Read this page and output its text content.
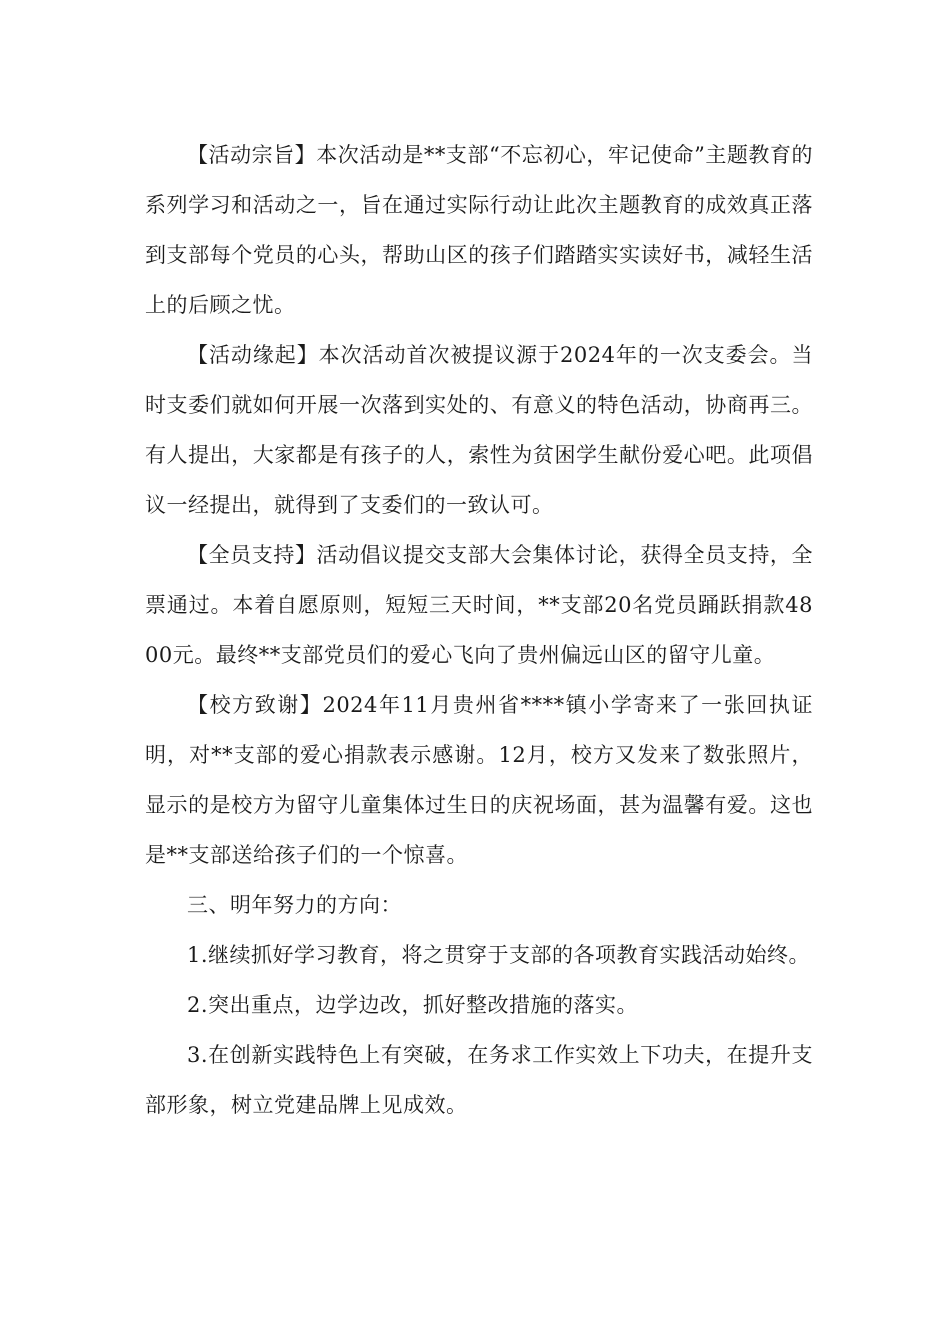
【活动宗旨】本次活动是**支部“不忘初心，牢记使命”主题教育的系列学习和活动之一，旨在通过实际行动让此次主题教育的成效真正落到支部每个党员的心头，帮助山区的孩子们踏踏实实读好书，减轻生活上的后顾之忧。

【活动缘起】本次活动首次被提议源于2024年的一次支委会。当时支委们就如何开展一次落到实处的、有意义的特色活动，协商再三。有人提出，大家都是有孩子的人，索性为贫困学生献份爱心吧。此项倡议一经提出，就得到了支委们的一致认可。

【全员支持】活动倡议提交支部大会集体讨论，获得全员支持，全票通过。本着自愿原则，短短三天时间，**支部20名党员踊跃捐款4800元。最终**支部党员们的爱心飞向了贵州偏远山区的留守儿童。

【校方致谢】2024年11月贵州省****镇小学寄来了一张回执证明，对**支部的爱心捐款表示感谢。12月，校方又发来了数张照片，显示的是校方为留守儿童集体过生日的庆祝场面，甚为温馨有爱。这也是**支部送给孩子们的一个惊喜。

三、明年努力的方向：

1.继续抓好学习教育，将之贯穿于支部的各项教育实践活动始终。

2.突出重点，边学边改，抓好整改措施的落实。

3.在创新实践特色上有突破，在务求工作实效上下功夫，在提升支部形象，树立党建品牌上见成效。
